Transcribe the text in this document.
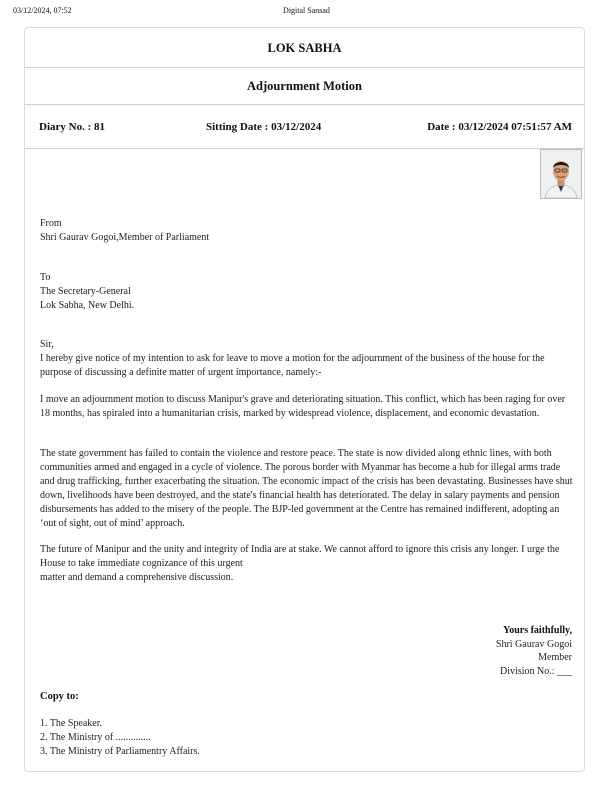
03/12/2024, 07:52	Digital Sansad
LOK SABHA
Adjournment Motion
Diary No. : 81	Sitting Date : 03/12/2024	Date : 03/12/2024 07:51:57 AM

From

Shri Gaurav Gogoi,Member of Parliament

To

The Secretary-General

Lok Sabha, New Delhi.

Sir,

I hereby give notice of my intention to ask for leave to move a motion for the adjournment of the business of the house for the purpose of discussing a definite matter of urgent importance, namely:-

I move an adjournment motion to discuss Manipur's grave and deteriorating situation. This conflict, which has been raging for over 18 months, has spiraled into a humanitarian crisis, marked by widespread violence, displacement, and economic devastation.

The state government has failed to contain the violence and restore peace. The state is now divided along ethnic lines, with both communities armed and engaged in a cycle of violence. The porous border with Myanmar has become a hub for illegal arms trade and drug trafficking, further exacerbating the situation. The economic impact of the crisis has been devastating. Businesses have shut down, livelihoods have been destroyed, and the state's financial health has deteriorated. The delay in salary payments and pension disbursements has added to the misery of the people. The BJP-led government at the Centre has remained indifferent, adopting an ‘out of sight, out of mind’ approach.

The future of Manipur and the unity and integrity of India are at stake. We cannot afford to ignore this crisis any longer. I urge the House to take immediate cognizance of this urgent

matter and demand a comprehensive discussion.

Yours faithfully,
Shri Gaurav Gogoi
Member
Division No.: ___
Copy to:
1. The Speaker.
2. The Ministry of ..............
3. The Ministry of Parliamentry Affairs.
